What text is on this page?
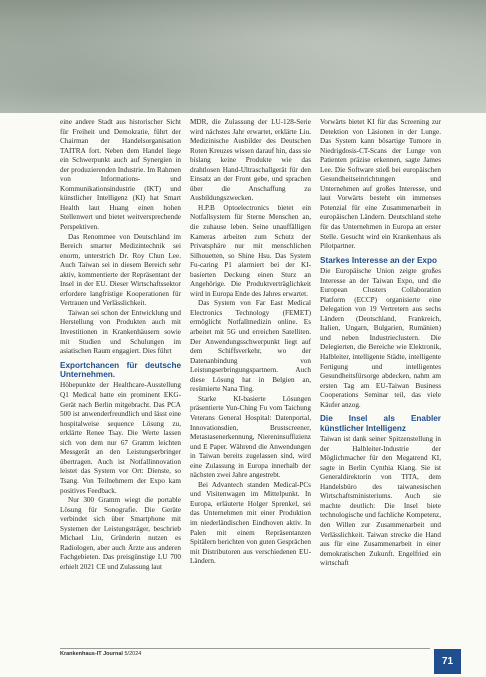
eine andere Stadt aus historischer Sicht für Freiheit und Demokratie, führt der Chairman der Handelsorganisation TAITRA fort. Neben dem Handel liege ein Schwerpunkt auch auf Synergien in der produzierenden Industrie. Im Rahmen von Informations- und Kommunikationsindustrie (IKT) und künstlicher Intelligenz (KI) hat Smart Health laut Huang einen hohen Stellenwert und bietet weitversprechende Perspektiven.

Das Renommee von Deutschland im Bereich smarter Medizintechnik sei enorm, unterstrich Dr. Roy Chun Lee. Auch Taiwan sei in diesem Bereich sehr aktiv, kommentierte der Repräsentant der Insel in der EU. Dieser Wirtschaftssektor erfordere langfristige Kooperationen für Vertrauen und Verlässlichkeit.

Taiwan sei schon der Entwicklung und Herstellung von Produkten auch mit Investitionen in Krankenhäusern sowie mit Studien und Schulungen im asiatischen Raum engagiert. Dies führt

Exportchancen für deutsche Unternehmen.

Höhepunkte der Healthcare-Ausstellung Q1 Medical hatte ein prominent EKG-Gerät nach Berlin mitgebracht. Das PCA 500 ist anwenderfreundlich und lässt eine hospitalweise sequence Lösung zu, erklärte Renee Tsay. Die Werte lassen sich von dem nur 67 Gramm leichten Messgerät an den Leistungserbringer übertragen. Auch ist Notfallinnovation leistet das System vor Ort: Dienste, so Tsang. Von Teilnehmern der Expo kam positives Feedback.

Nur 300 Gramm wiegt die portable Lösung für Sonografie. Die Geräte verbindet sich über Smartphone mit Systemen der Leistungsträger, beschrieb Michael Liu, Gründerin nutzen es Radiologen, aber auch Ärzte aus anderen Fachgebieten. Das preisgünstige LU 700 erhielt 2021 CE und Zulassung laut

MDR, die Zulassung der LU-128-Serie wird nächstes Jahr erwartet, erklärte Liu. Medizinische Ausbilder des Deutschen Roten Kreuzes wissen darauf hin, dass sie bislang keine Produkte wie das drahtlosen Hand-Ultraschallgerät für den Einsatz an der Front gebe, und sprachen über die Anschaffung zu Ausbildungszwecken.

H.P.B Optoelectronics bietet ein Notfallsystem für Sterne Menschen an, die zuhause leben. Seine unauffälligen Kameras arbeiten zum Schutz der Privatsphäre nur mit menschlichen Silhouetten, so Shine Hsu. Das System Fu-caring P1 alarmiert bei der KI-basierten Deckung einen Sturz an Angehörige. Die Produktverträglichkeit wird in Europa Ende des Jahres erwartet.

Das System von Far East Medical Electronics Technology (FEMET) ermöglicht Notfallmedizin online. Es arbeitet mit 5G und erreichen Satelliten. Der Anwendungsschwerpunkt liegt auf dem Schiffsverkehr, wo der Datenanbindung von Leistungserbringungspartnern. Auch diese Lösung hat in Belgien an, resümierte Nana Ting.

Starke KI-basierte Lösungen präsentierte Yun-Ching Fu vom Taichung Veterans General Hospital: Datenportal, Innovationsdien, Brustscreener, Metastasenerkennung, Niereninsuffizienz und E Paper. Während die Anwendungen in Taiwan bereits zugelassen sind, wird eine Zulassung in Europa innerhalb der nächsten zwei Jahre angestrebt.

Bei Advantech standen Medical-PCs und Visitenwagen im Mittelpunkt. In Europa, erläuterte Holger Sprenkel, sei das Unternehmen mit einer Produktion im niederländischen Eindhoven aktiv. In Palen mit einem Repräsentanzen Spitälern berichten von guten Gesprächen mit Distributoren aus verschiedenen EU-Ländern.

Vorwärts bietet KI für das Screening zur Detektion von Läsionen in der Lunge. Das System kann bösartige Tumore in Niedrigdosis-CT-Scans der Lunge von Patienten präzise erkennen, sagte James Lee. Die Software stieß bei europäischen Gesundheitseinrichtungen und Unternehmen auf großes Interesse, und laut Vorwärts besteht ein immenses Potenzial für eine Zusammenarbeit in europäischen Ländern. Deutschland stehe für das Unternehmen in Europa an erster Stelle. Gesucht wird ein Krankenhaus als Pilotpartner.

Starkes Interesse an der Expo

Die Europäische Union zeigte großes Interesse an der Taiwan Expo, und die European Clusters Collaboration Platform (ECCP) organisierte eine Delegation von 19 Vertretern aus sechs Ländern (Deutschland, Frankreich, Italien, Ungarn, Bulgarien, Rumänien) und neben Industrieclustern. Die Delegierten, die Bereiche wie Elektronik, Halbleiter, intelligente Städte, intelligente Fertigung und intelligentes Gesundheitsfürsorge abdecken, nahm am ersten Tag am EU-Taiwan Business Cooperations Seminar teil, das viele Käufer anzog.

Die Insel als Enabler künstlicher Intelligenz

Taiwan ist dank seiner Spitzenstellung in der Halbleiter-Industrie der Möglichmacher für den Megatrend KI, sagte in Berlin Cynthia Kiang. Sie ist Generaldirektorin von TITA, dem Handelsbüro des taiwanesischen Wirtschaftsministeriums. Auch sie machte deutlich: Die Insel biete technologische und fachliche Kompetenz, den Willen zur Zusammenarbeit und Verlässlichkeit. Taiwan strecke die Hand aus für eine Zusammenarbeit in einer demokratischen Zukunft. Engelfried ein wirtschaft

Krankenhaus-IT Journal 5/2024
71
